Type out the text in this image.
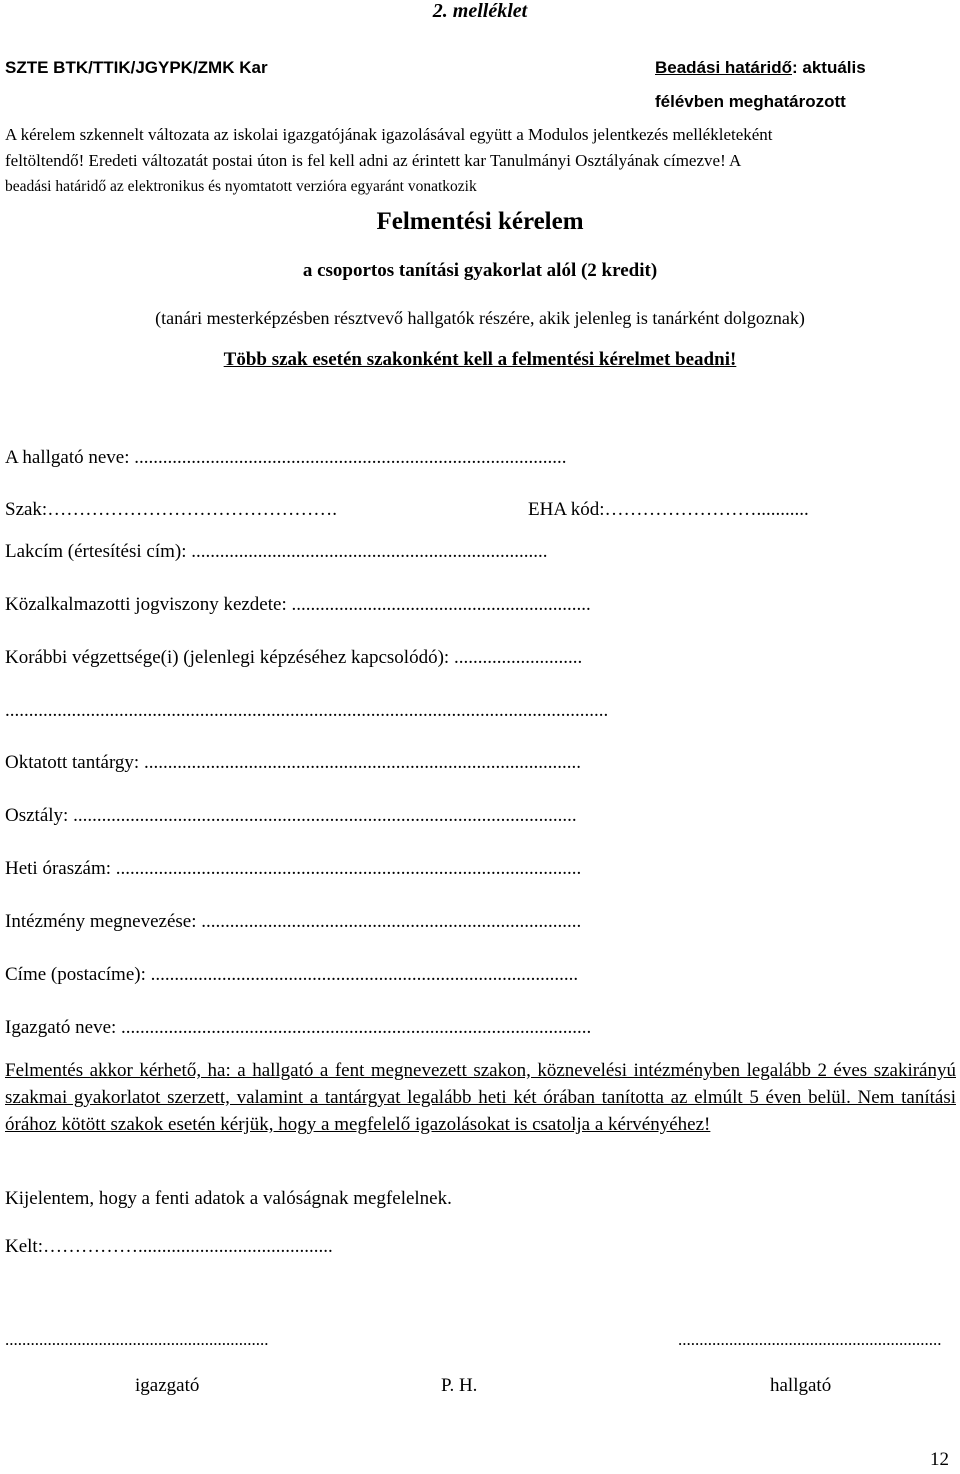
2. melléklet
SZTE BTK/TTIK/JGYPK/ZMK Kar	Beadási határidő: aktuális
félévben meghatározott
A kérelem szkennelt változata az iskolai igazgatójának igazolásával együtt a Modulos jelentkezés mellékleteként
feltöltendő! Eredeti változatát postai úton is fel kell adni az érintett kar Tanulmányi Osztályának címezve! A
beadási határidő az elektronikus és nyomtatott verzióra egyaránt vonatkozik
Felmentési kérelem
a csoportos tanítási gyakorlat alól (2 kredit)
(tanári mesterképzésben résztvevő hallgatók részére, akik jelenleg is tanárként dolgoznak)
Több szak esetén szakonként kell a felmentési kérelmet beadni!
A hallgató neve: ...........................................................................................
Szak:……………………………………….	EHA kód:……………………...........
Lakcím (értesítési cím): ...........................................................................
Közalkalmazotti jogviszony kezdete: ...............................................................
Korábbi végzettsége(i) (jelenlegi képzéséhez kapcsolódó): ...........................
...............................................................................................................................
Oktatott tantárgy: ............................................................................................
Osztály: ..........................................................................................................
Heti óraszám: ..................................................................................................
Intézmény megnevezése: ................................................................................
Címe (postacíme): ..........................................................................................
Igazgató neve: ...................................................................................................
Felmentés akkor kérhető, ha: a hallgató a fent megnevezett szakon, köznevelési intézményben legalább 2 éves szakirányú szakmai gyakorlatot szerzett, valamint a tantárgyat legalább heti két órában tanította az elmúlt 5 éven belül. Nem tanítási órához kötött szakok esetén kérjük, hogy a megfelelő igazolásokat is csatolja a kérvényéhez!
Kijelentem, hogy a fenti adatok a valóságnak megfelelnek.
Kelt:…………….........................................
..............................................................	..............................................................
igazgató	P. H.	hallgató
12
